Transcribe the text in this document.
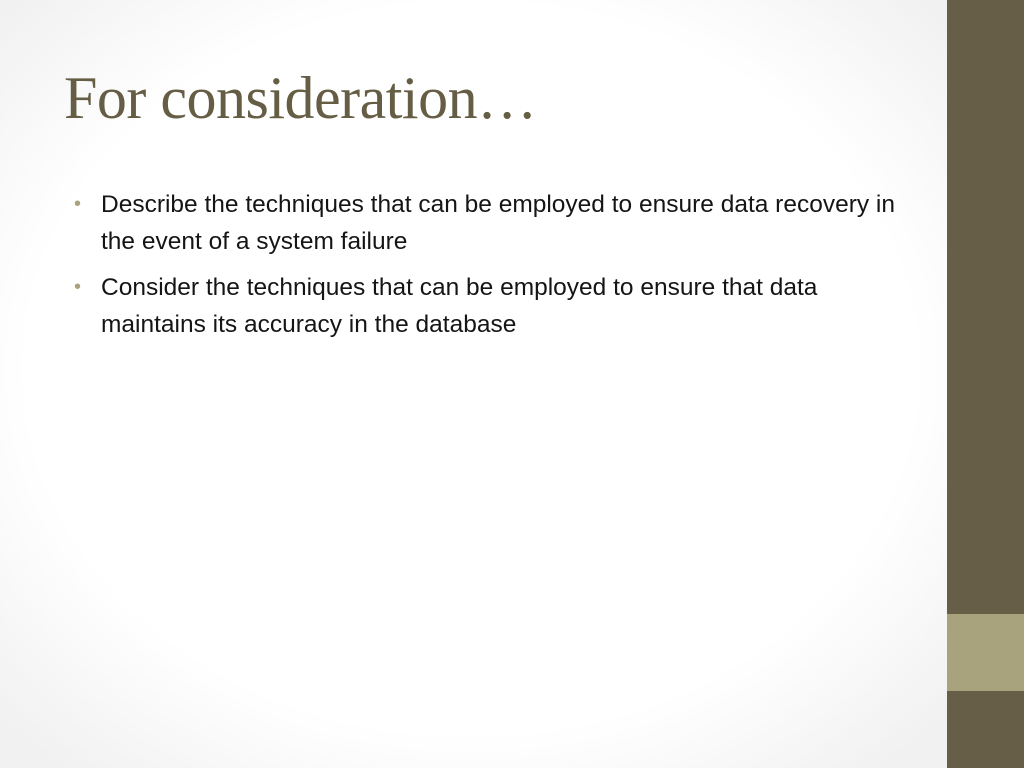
For consideration…
• Describe the techniques that can be employed to ensure data recovery in the event of a system failure
• Consider the techniques that can be employed to ensure that data maintains its accuracy in the database
